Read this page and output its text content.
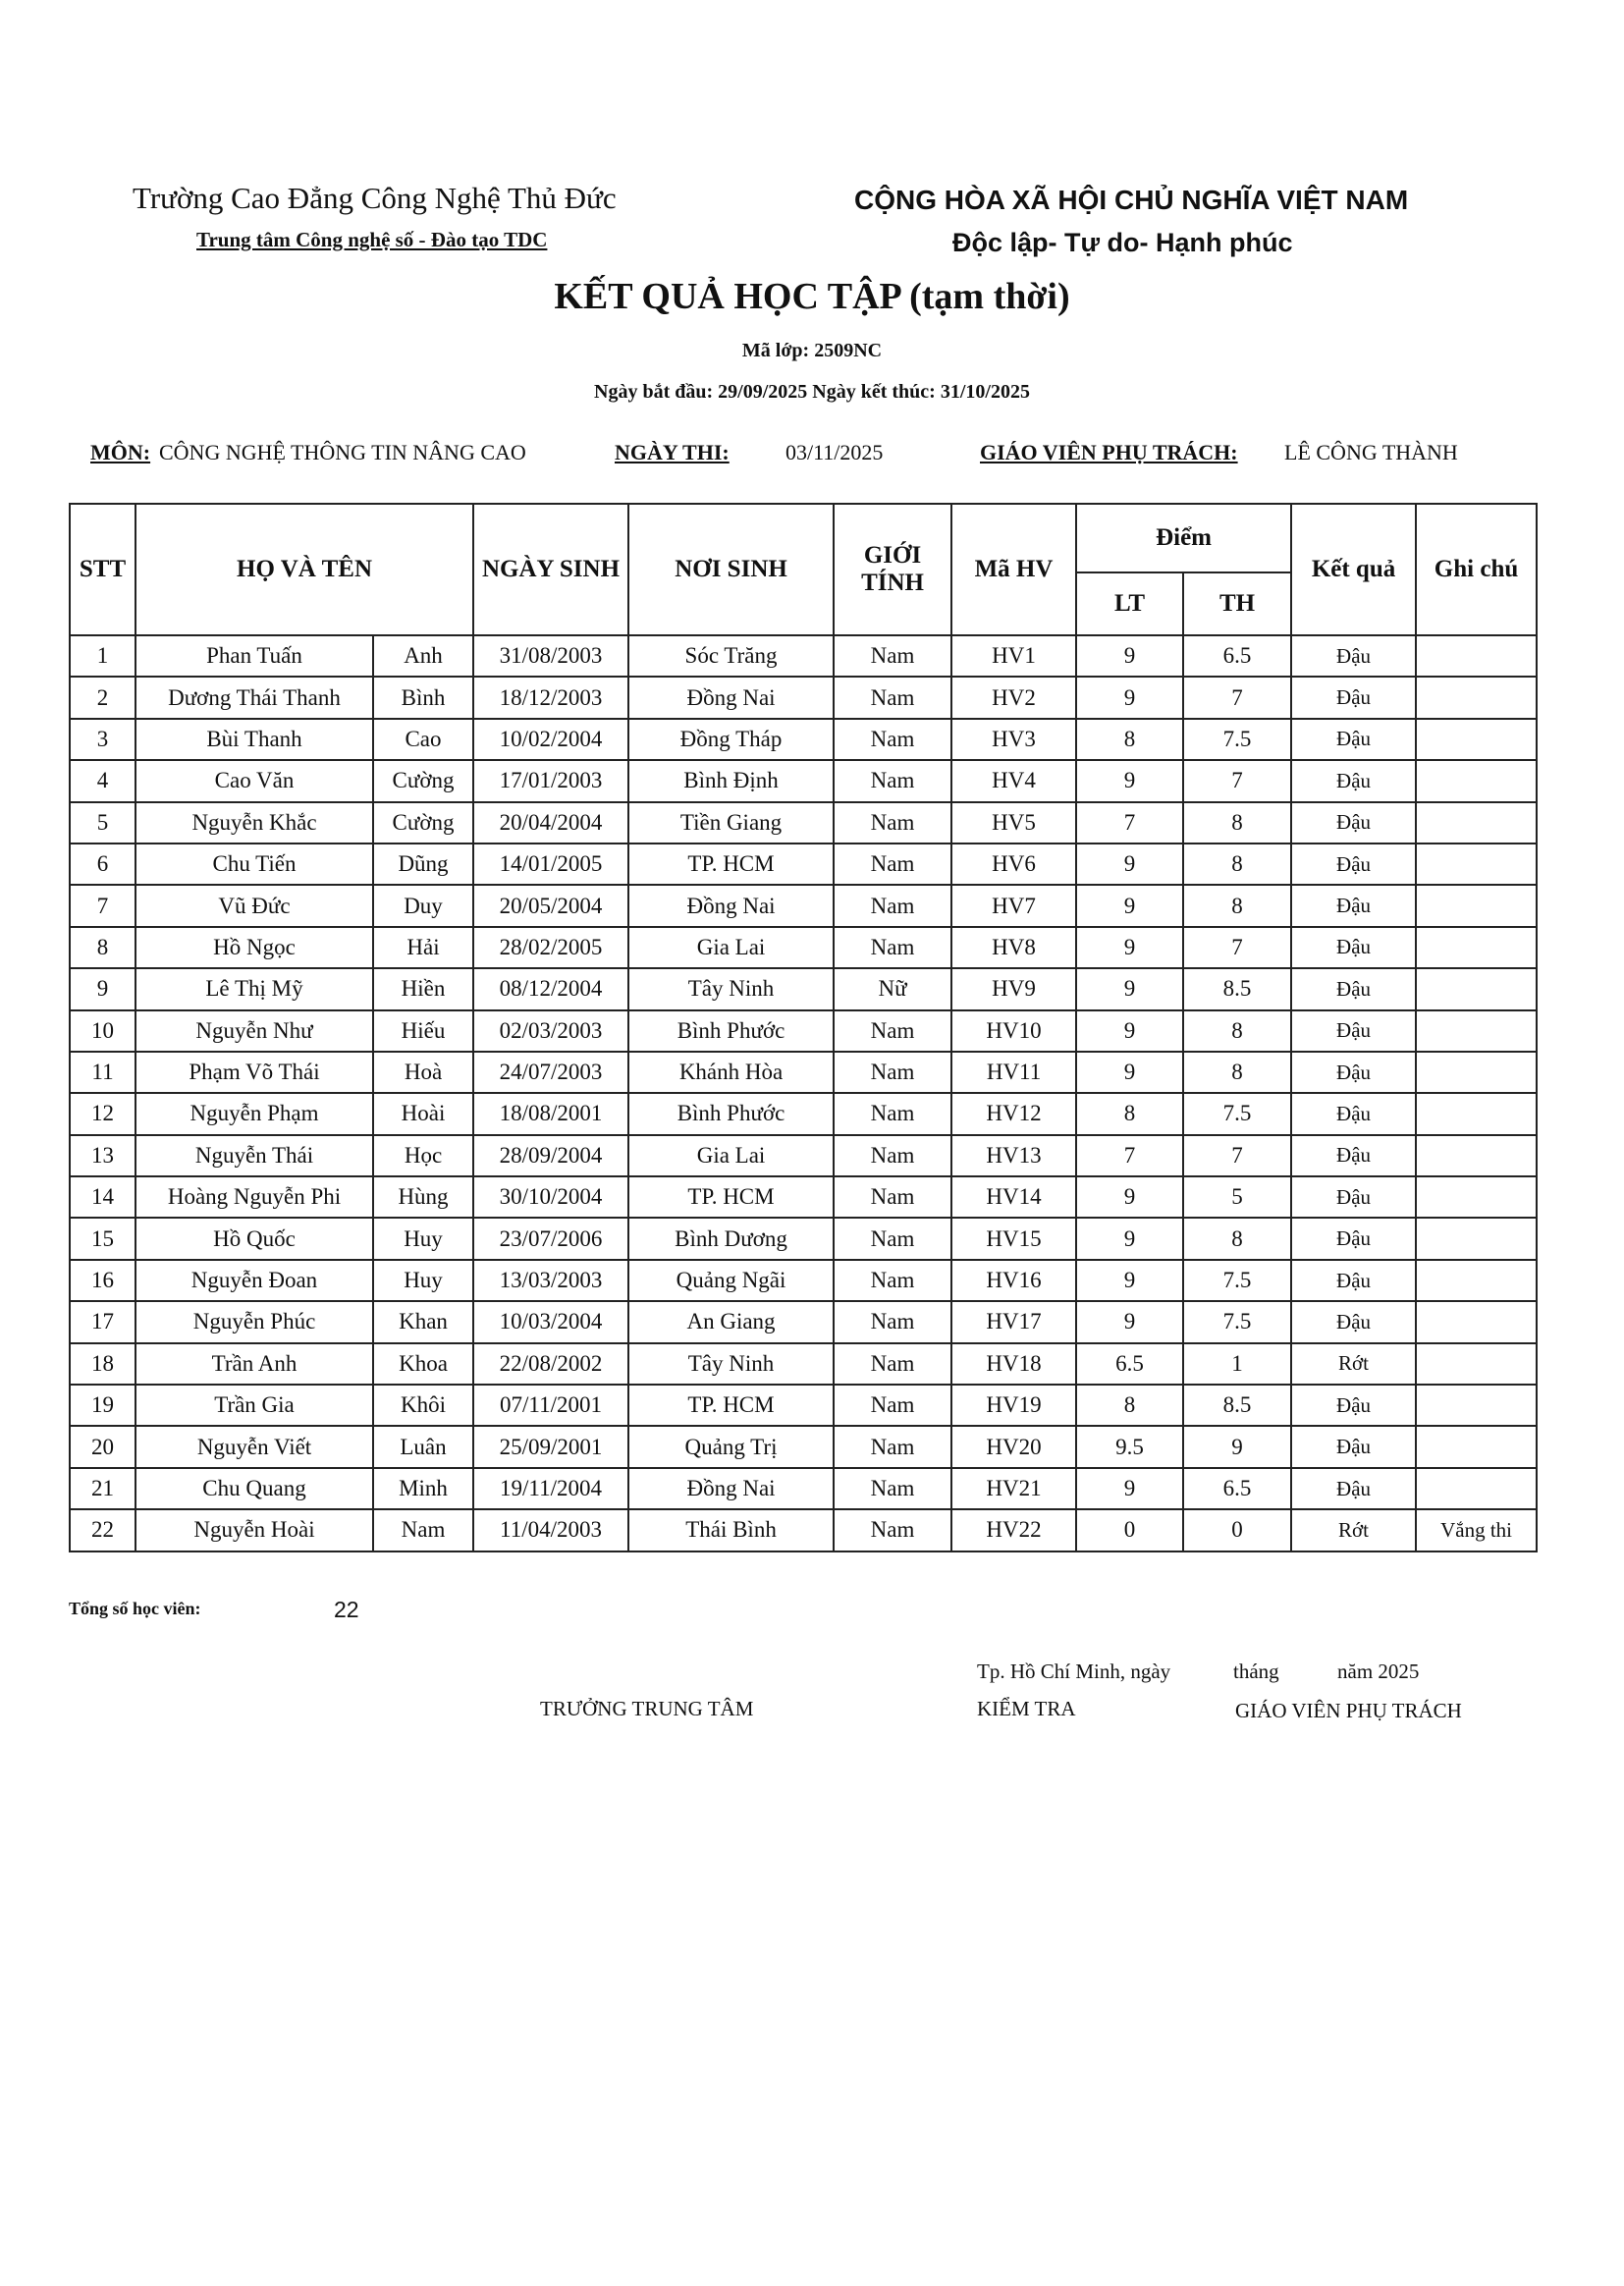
Trường Cao Đẳng Công Nghệ Thủ Đức
Trung tâm Công nghệ số - Đào tạo TDC
CỘNG HÒA XÃ HỘI CHỦ NGHĨA VIỆT NAM
Độc lập- Tự do- Hạnh phúc
KẾT QUẢ HỌC TẬP (tạm thời)
Mã lớp: 2509NC
Ngày bắt đầu: 29/09/2025 Ngày kết thúc: 31/10/2025
MÔN: CÔNG NGHỆ THÔNG TIN NÂNG CAO	NGÀY THI:	03/11/2025	GIÁO VIÊN PHỤ TRÁCH: LÊ CÔNG THÀNH
STT	HỌ VÀ TÊN		NGÀY SINH	NƠI SINH	GIỚI TÍNH	Mã HV	Điểm		Kết quả	Ghi chú
							LT	TH		
1	Phan Tuấn	Anh	31/08/2003	Sóc Trăng	Nam	HV1	9	6.5	Đậu	
2	Dương Thái Thanh	Bình	18/12/2003	Đồng Nai	Nam	HV2	9	7	Đậu	
3	Bùi Thanh	Cao	10/02/2004	Đồng Tháp	Nam	HV3	8	7.5	Đậu	
4	Cao Văn	Cường	17/01/2003	Bình Định	Nam	HV4	9	7	Đậu	
5	Nguyễn Khắc	Cường	20/04/2004	Tiền Giang	Nam	HV5	7	8	Đậu	
6	Chu Tiến	Dũng	14/01/2005	TP. HCM	Nam	HV6	9	8	Đậu	
7	Vũ Đức	Duy	20/05/2004	Đồng Nai	Nam	HV7	9	8	Đậu	
8	Hồ Ngọc	Hải	28/02/2005	Gia Lai	Nam	HV8	9	7	Đậu	
9	Lê Thị Mỹ	Hiền	08/12/2004	Tây Ninh	Nữ	HV9	9	8.5	Đậu	
10	Nguyễn Như	Hiếu	02/03/2003	Bình Phước	Nam	HV10	9	8	Đậu	
11	Phạm Võ Thái	Hoà	24/07/2003	Khánh Hòa	Nam	HV11	9	8	Đậu	
12	Nguyễn Phạm	Hoài	18/08/2001	Bình Phước	Nam	HV12	8	7.5	Đậu	
13	Nguyễn Thái	Học	28/09/2004	Gia Lai	Nam	HV13	7	7	Đậu	
14	Hoàng Nguyễn Phi	Hùng	30/10/2004	TP. HCM	Nam	HV14	9	5	Đậu	
15	Hồ Quốc	Huy	23/07/2006	Bình Dương	Nam	HV15	9	8	Đậu	
16	Nguyễn Đoan	Huy	13/03/2003	Quảng Ngãi	Nam	HV16	9	7.5	Đậu	
17	Nguyễn Phúc	Khan	10/03/2004	An Giang	Nam	HV17	9	7.5	Đậu	
18	Trần Anh	Khoa	22/08/2002	Tây Ninh	Nam	HV18	6.5	1	Rớt	
19	Trần Gia	Khôi	07/11/2001	TP. HCM	Nam	HV19	8	8.5	Đậu	
20	Nguyễn Viết	Luân	25/09/2001	Quảng Trị	Nam	HV20	9.5	9	Đậu	
21	Chu Quang	Minh	19/11/2004	Đồng Nai	Nam	HV21	9	6.5	Đậu	
22	Nguyễn Hoài	Nam	11/04/2003	Thái Bình	Nam	HV22	0	0	Rớt	Vắng thi
Tổng số học viên:	22
Tp. Hồ Chí Minh, ngày	tháng	năm 2025
TRƯỞNG TRUNG TÂM	KIỂM TRA	GIÁO VIÊN PHỤ TRÁCH
